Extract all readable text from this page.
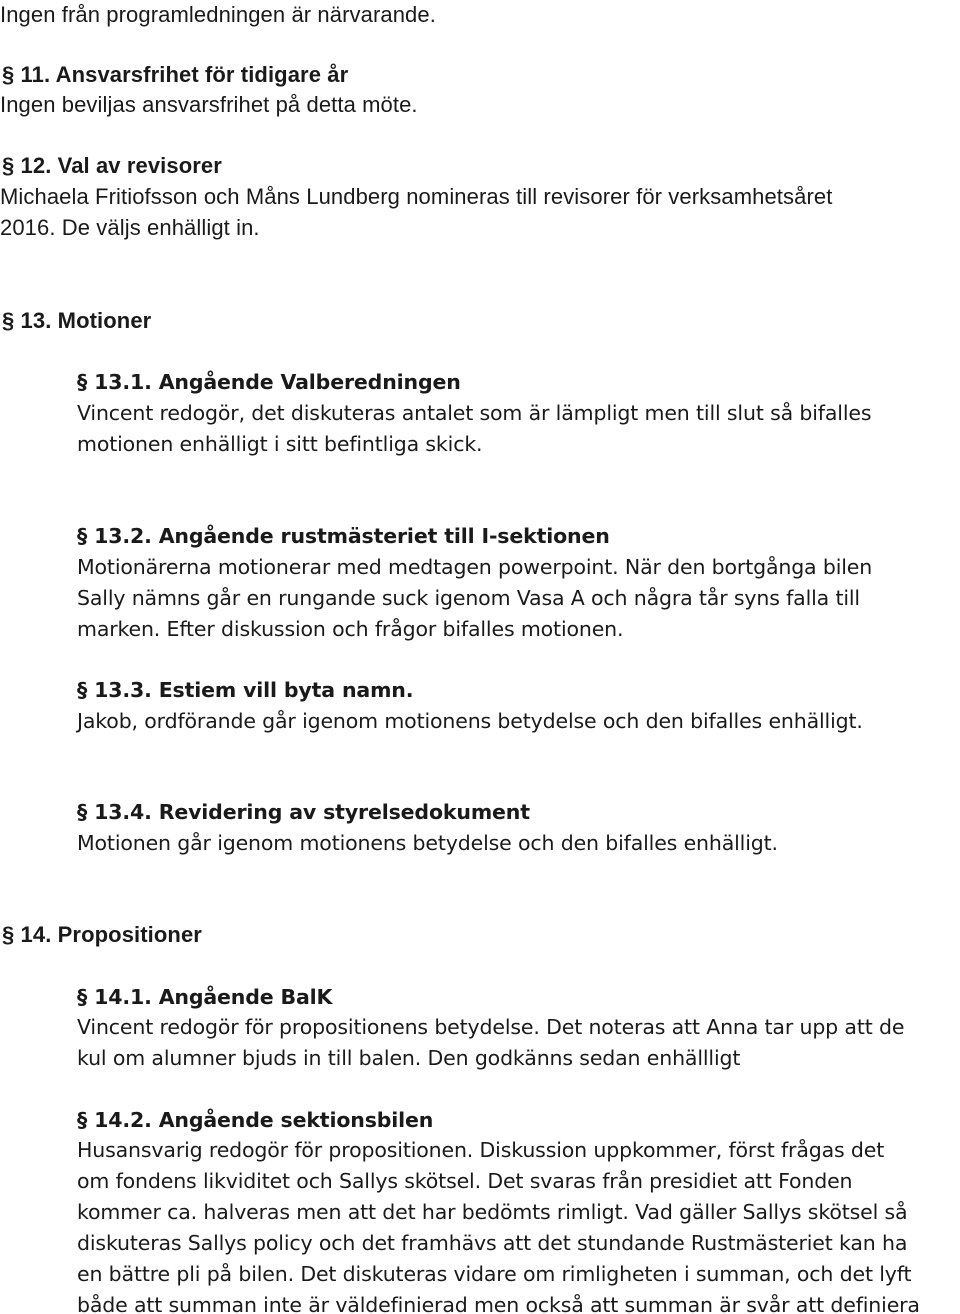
Ingen från programledningen är närvarande.

§ 11. Ansvarsfrihet för tidigare år

Ingen beviljas ansvarsfrihet på detta möte.

§ 12. Val av revisorer

Michaela Fritiofsson och Måns Lundberg nomineras till revisorer för verksamhetsåret

2016. De väljs enhälligt in.

§ 13. Motioner

§ 13.1. Angående Valberedningen

Vincent redogör, det diskuteras antalet som är lämpligt men till slut så bifalles

motionen enhälligt i sitt befintliga skick.

§ 13.2. Angående rustmästeriet till I-sektionen

Motionärerna motionerar med medtagen powerpoint. När den bortgånga bilen

Sally nämns går en rungande suck igenom Vasa A och några tår syns falla till

marken. Efter diskussion och frågor bifalles motionen.

§ 13.3. Estiem vill byta namn.

Jakob, ordförande går igenom motionens betydelse och den bifalles enhälligt.

§ 13.4. Revidering av styrelsedokument

Motionen går igenom motionens betydelse och den bifalles enhälligt.

§ 14. Propositioner

§ 14.1. Angående BalK

Vincent redogör för propositionens betydelse. Det noteras att Anna tar upp att de

kul om alumner bjuds in till balen. Den godkänns sedan enhällligt

§ 14.2. Angående sektionsbilen

Husansvarig redogör för propositionen. Diskussion uppkommer, först frågas det

om fondens likviditet och Sallys skötsel. Det svaras från presidiet att Fonden

kommer ca. halveras men att det har bedömts rimligt. Vad gäller Sallys skötsel så

diskuteras Sallys policy och det framhävs att det stundande Rustmästeriet kan ha

en bättre pli på bilen. Det diskuteras vidare om rimligheten i summan, och det lyft

både att summan inte är väldefinierad men också att summan är svår att definiera
